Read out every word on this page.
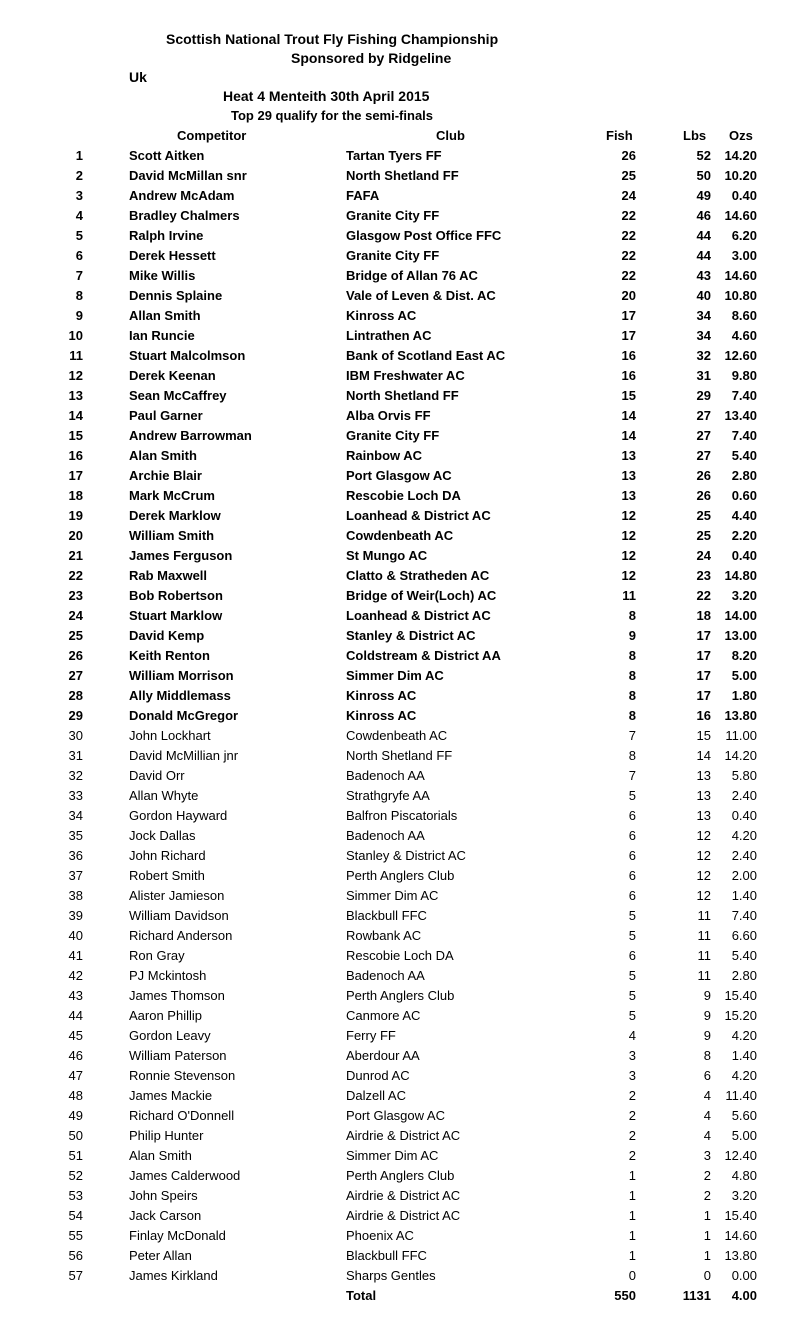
Scottish National Trout Fly Fishing Championship
Sponsored by Ridgeline
Uk
Heat 4 Menteith 30th April 2015
Top 29 qualify for the semi-finals
Competitor	Club	Fish	Lbs Ozs
1	Scott Aitken	Tartan Tyers FF	26	52	14.20
2	David McMillan snr	North Shetland FF	25	50	10.20
3	Andrew McAdam	FAFA	24	49	0.40
4	Bradley Chalmers	Granite City FF	22	46	14.60
5	Ralph Irvine	Glasgow Post Office FFC	22	44	6.20
6	Derek Hessett	Granite City FF	22	44	3.00
7	Mike Willis	Bridge of Allan 76 AC	22	43	14.60
8	Dennis Splaine	Vale of Leven & Dist. AC	20	40	10.80
9	Allan Smith	Kinross AC	17	34	8.60
10	Ian Runcie	Lintrathen AC	17	34	4.60
11	Stuart Malcolmson	Bank of Scotland East AC	16	32	12.60
12	Derek Keenan	IBM Freshwater AC	16	31	9.80
13	Sean McCaffrey	North Shetland FF	15	29	7.40
14	Paul Garner	Alba Orvis FF	14	27	13.40
15	Andrew Barrowman	Granite City FF	14	27	7.40
16	Alan Smith	Rainbow AC	13	27	5.40
17	Archie Blair	Port Glasgow AC	13	26	2.80
18	Mark McCrum	Rescobie Loch DA	13	26	0.60
19	Derek Marklow	Loanhead & District AC	12	25	4.40
20	William Smith	Cowdenbeath AC	12	25	2.20
21	James Ferguson	St Mungo AC	12	24	0.40
22	Rab Maxwell	Clatto & Stratheden AC	12	23	14.80
23	Bob Robertson	Bridge of Weir(Loch) AC	11	22	3.20
24	Stuart Marklow	Loanhead & District AC	8	18	14.00
25	David Kemp	Stanley & District AC	9	17	13.00
26	Keith Renton	Coldstream & District AA	8	17	8.20
27	William Morrison	Simmer Dim AC	8	17	5.00
28	Ally Middlemass	Kinross AC	8	17	1.80
29	Donald McGregor	Kinross AC	8	16	13.80
30	John Lockhart	Cowdenbeath AC	7	15	11.00
31	David McMillian jnr	North Shetland FF	8	14	14.20
32	David Orr	Badenoch AA	7	13	5.80
33	Allan Whyte	Strathgryfe AA	5	13	2.40
34	Gordon Hayward	Balfron Piscatorials	6	13	0.40
35	Jock Dallas	Badenoch AA	6	12	4.20
36	John Richard	Stanley & District AC	6	12	2.40
37	Robert Smith	Perth Anglers Club	6	12	2.00
38	Alister Jamieson	Simmer Dim AC	6	12	1.40
39	William Davidson	Blackbull FFC	5	11	7.40
40	Richard Anderson	Rowbank AC	5	11	6.60
41	Ron Gray	Rescobie Loch DA	6	11	5.40
42	PJ Mckintosh	Badenoch AA	5	11	2.80
43	James Thomson	Perth Anglers Club	5	9	15.40
44	Aaron Phillip	Canmore AC	5	9	15.20
45	Gordon Leavy	Ferry FF	4	9	4.20
46	William Paterson	Aberdour AA	3	8	1.40
47	Ronnie Stevenson	Dunrod AC	3	6	4.20
48	James Mackie	Dalzell AC	2	4	11.40
49	Richard O'Donnell	Port Glasgow AC	2	4	5.60
50	Philip Hunter	Airdrie & District AC	2	4	5.00
51	Alan Smith	Simmer Dim AC	2	3	12.40
52	James Calderwood	Perth Anglers Club	1	2	4.80
53	John Speirs	Airdrie & District AC	1	2	3.20
54	Jack Carson	Airdrie & District AC	1	1	15.40
55	Finlay McDonald	Phoenix AC	1	1	14.60
56	Peter Allan	Blackbull FFC	1	1	13.80
57	James Kirkland	Sharps Gentles	0	0	0.00
Total	550	1131	4.00
